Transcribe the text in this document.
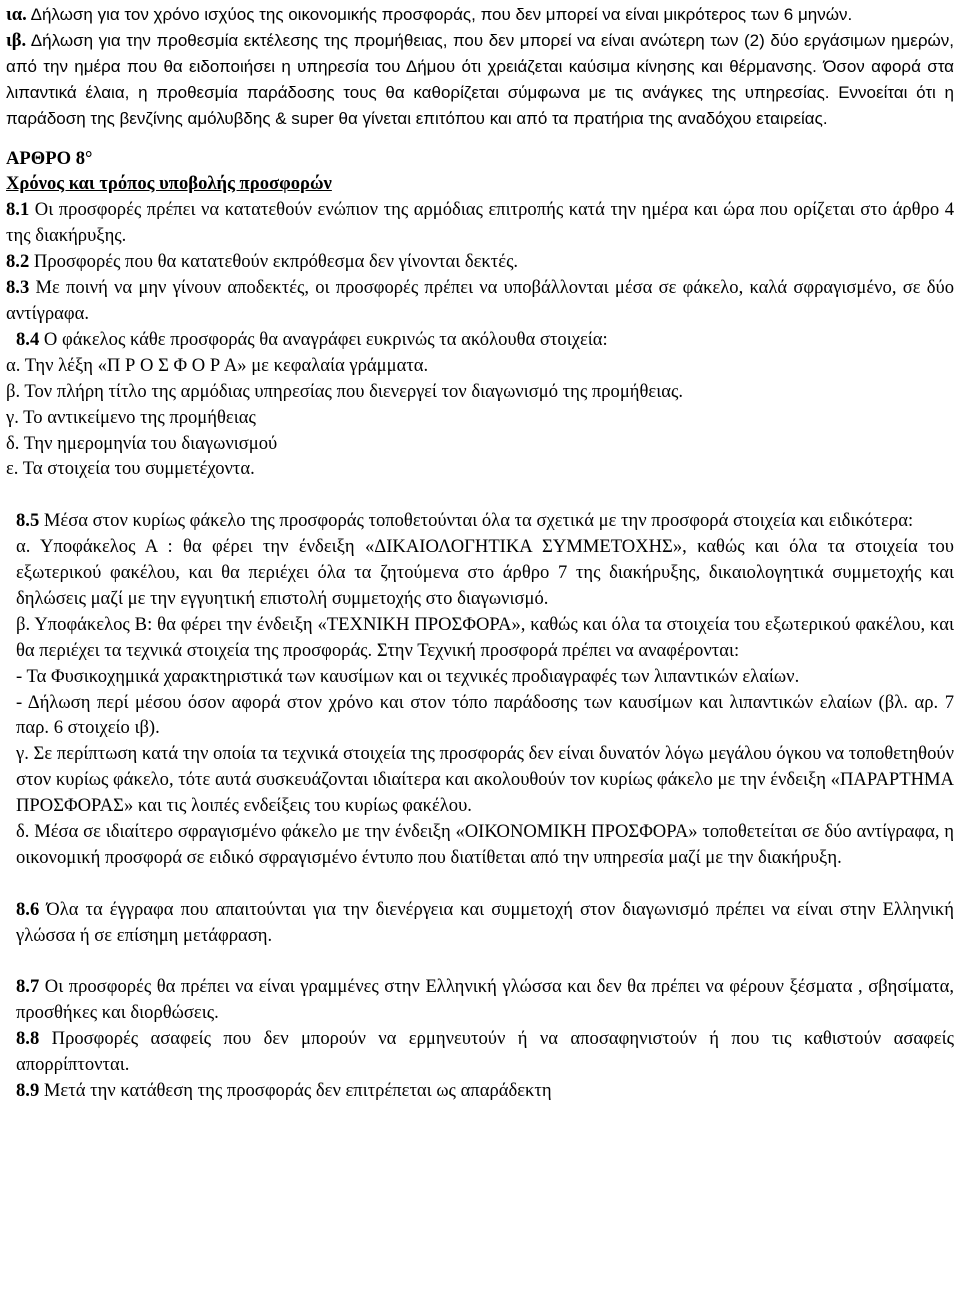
ια. Δήλωση για τον χρόνο ισχύος της οικονομικής προσφοράς, που δεν μπορεί να είναι μικρότερος των 6 μηνών.

ιβ. Δήλωση για την προθεσμία εκτέλεσης της προμήθειας, που δεν μπορεί να είναι ανώτερη των (2) δύο εργάσιμων ημερών, από την ημέρα που θα ειδοποιήσει η υπηρεσία του Δήμου ότι χρειάζεται καύσιμα κίνησης και θέρμανσης. Όσον αφορά στα λιπαντικά έλαια, η προθεσμία παράδοσης τους θα καθορίζεται σύμφωνα με τις ανάγκες της υπηρεσίας. Εννοείται ότι η παράδοση της βενζίνης αμόλυβδης & super θα γίνεται επιτόπου και από τα πρατήρια της αναδόχου εταιρείας.

ΑΡΘΡΟ 8°

Χρόνος και τρόπος υποβολής προσφορών

8.1 Οι προσφορές πρέπει να κατατεθούν ενώπιον της αρμόδιας επιτροπής κατά την ημέρα και ώρα που ορίζεται στο άρθρο 4 της διακήρυξης.

8.2 Προσφορές που θα κατατεθούν εκπρόθεσμα δεν γίνονται δεκτές.

8.3 Με ποινή να μην γίνουν αποδεκτές, οι προσφορές πρέπει να υποβάλλονται μέσα σε φάκελο, καλά σφραγισμένο, σε δύο αντίγραφα.

8.4 Ο φάκελος κάθε προσφοράς θα αναγράφει ευκρινώς τα ακόλουθα στοιχεία:

α. Την λέξη «Π Ρ Ο Σ Φ Ο Ρ Α» με κεφαλαία γράμματα.

β. Τον πλήρη τίτλο της αρμόδιας υπηρεσίας που διενεργεί τον διαγωνισμό της προμήθειας.

γ. Το αντικείμενο της προμήθειας

δ. Την ημερομηνία του διαγωνισμού

ε. Τα στοιχεία του συμμετέχοντα.

8.5 Μέσα στον κυρίως φάκελο της προσφοράς τοποθετούνται όλα τα σχετικά με την προσφορά στοιχεία και ειδικότερα:

α. Υποφάκελος Α : θα φέρει την ένδειξη «ΔΙΚΑΙΟΛΟΓΗΤΙΚΑ ΣΥΜΜΕΤΟΧΗΣ», καθώς και όλα τα στοιχεία του εξωτερικού φακέλου, και θα περιέχει όλα τα ζητούμενα στο άρθρο 7 της διακήρυξης, δικαιολογητικά συμμετοχής και δηλώσεις μαζί με την εγγυητική επιστολή συμμετοχής στο διαγωνισμό.

β. Υποφάκελος Β: θα φέρει την ένδειξη «ΤΕΧΝΙΚΗ ΠΡΟΣΦΟΡΑ», καθώς και όλα τα στοιχεία του εξωτερικού φακέλου, και θα περιέχει τα τεχνικά στοιχεία της προσφοράς. Στην Τεχνική προσφορά πρέπει να αναφέρονται:

- Τα Φυσικοχημικά χαρακτηριστικά των καυσίμων και οι τεχνικές προδιαγραφές των λιπαντικών ελαίων.

- Δήλωση περί μέσου όσον αφορά στον χρόνο και στον τόπο παράδοσης των καυσίμων και λιπαντικών ελαίων (βλ. αρ. 7 παρ. 6 στοιχείο ιβ).

γ. Σε περίπτωση κατά την οποία τα τεχνικά στοιχεία της προσφοράς δεν είναι δυνατόν λόγω μεγάλου όγκου να τοποθετηθούν στον κυρίως φάκελο, τότε αυτά συσκευάζονται ιδιαίτερα και ακολουθούν τον κυρίως φάκελο με την ένδειξη «ΠΑΡΑΡΤΗΜΑ ΠΡΟΣΦΟΡΑΣ» και τις λοιπές ενδείξεις του κυρίως φακέλου.

δ. Μέσα σε ιδιαίτερο σφραγισμένο φάκελο με την ένδειξη «ΟΙΚΟΝΟΜΙΚΗ ΠΡΟΣΦΟΡΑ» τοποθετείται σε δύο αντίγραφα, η οικονομική προσφορά σε ειδικό σφραγισμένο έντυπο που διατίθεται από την υπηρεσία μαζί με την διακήρυξη.

8.6 Όλα τα έγγραφα που απαιτούνται για την διενέργεια και συμμετοχή στον διαγωνισμό πρέπει να είναι στην Ελληνική γλώσσα ή σε επίσημη μετάφραση.

8.7 Οι προσφορές θα πρέπει να είναι γραμμένες στην Ελληνική γλώσσα και δεν θα πρέπει να φέρουν ξέσματα , σβησίματα, προσθήκες και διορθώσεις.

8.8 Προσφορές ασαφείς που δεν μπορούν να ερμηνευτούν ή να αποσαφηνιστούν ή που τις καθιστούν ασαφείς απορρίπτονται.

8.9 Μετά την κατάθεση της προσφοράς δεν επιτρέπεται ως απαράδεκτη
